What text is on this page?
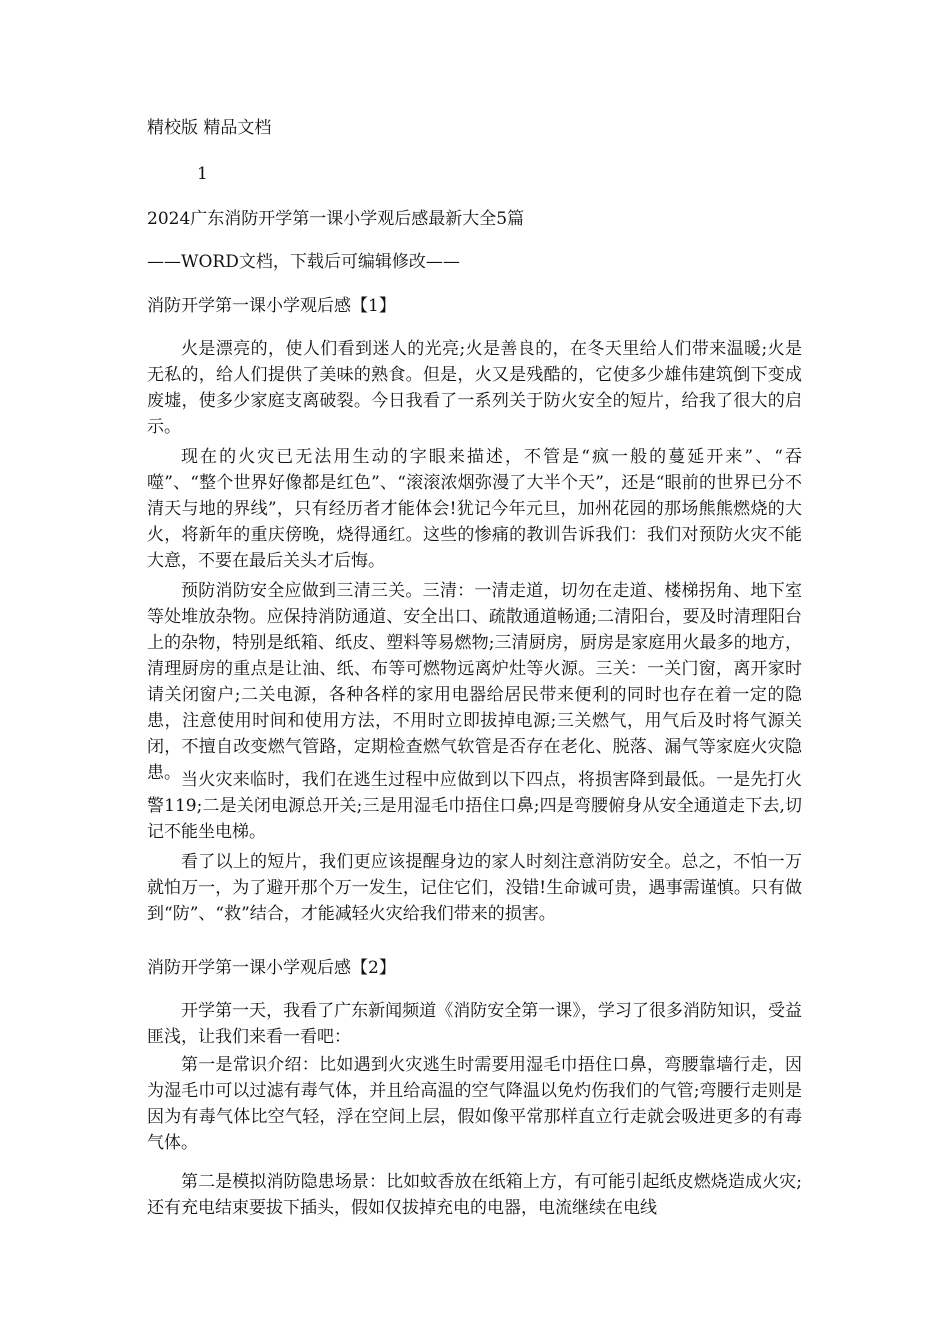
精校版 精品文档
1
2024广东消防开学第一课小学观后感最新大全5篇
——WORD文档，下载后可编辑修改——
消防开学第一课小学观后感【1】
火是漂亮的，使人们看到迷人的光亮;火是善良的，在冬天里给人们带来温暖;火是无私的，给人们提供了美味的熟食。但是，火又是残酷的，它使多少雄伟建筑倒下变成废墟，使多少家庭支离破裂。今日我看了一系列关于防火安全的短片，给我了很大的启示。
现在的火灾已无法用生动的字眼来描述，不管是“疯一般的蔓延开来”、“吞噬”、“整个世界好像都是红色”、“滚滚浓烟弥漫了大半个天”，还是“眼前的世界已分不清天与地的界线”，只有经历者才能体会!犹记今年元旦，加州花园的那场熊熊燃烧的大火，将新年的重庆傍晚，烧得通红。这些的惨痛的教训告诉我们：我们对预防火灾不能大意，不要在最后关头才后悔。
预防消防安全应做到三清三关。三清：一清走道，切勿在走道、楼梯拐角、地下室等处堆放杂物。应保持消防通道、安全出口、疏散通道畅通;二清阳台，要及时清理阳台上的杂物，特别是纸箱、纸皮、塑料等易燃物;三清厨房，厨房是家庭用火最多的地方，清理厨房的重点是让油、纸、布等可燃物远离炉灶等火源。三关：一关门窗，离开家时请关闭窗户;二关电源，各种各样的家用电器给居民带来便利的同时也存在着一定的隐患，注意使用时间和使用方法，不用时立即拔掉电源;三关燃气，用气后及时将气源关闭，不擅自改变燃气管路，定期检查燃气软管是否存在老化、脱落、漏气等家庭火灾隐患。 当火灾来临时，我们在逃生过程中应做到以下四点，将损害降到最低。一是先打火警119;二是关闭电源总开关;三是用湿毛巾捂住口鼻;四是弯腰俯身从安全通道走下去,切记不能坐电梯。
看了以上的短片，我们更应该提醒身边的家人时刻注意消防安全。总之，不怕一万就怕万一，为了避开那个万一发生，记住它们，没错!生命诚可贵，遇事需谨慎。只有做到“防”、“救”结合，才能减轻火灾给我们带来的损害。
消防开学第一课小学观后感【2】
开学第一天，我看了广东新闻频道《消防安全第一课》，学习了很多消防知识，受益匪浅，让我们来看一看吧：
第一是常识介绍：比如遇到火灾逃生时需要用湿毛巾捂住口鼻，弯腰靠墙行走，因为湿毛巾可以过滤有毒气体，并且给高温的空气降温以免灼伤我们的气管;弯腰行走则是因为有毒气体比空气轻，浮在空间上层，假如像平常那样直立行走就会吸进更多的有毒气体。
第二是模拟消防隐患场景：比如蚊香放在纸箱上方，有可能引起纸皮燃烧造成火灾;还有充电结束要拔下插头，假如仅拔掉充电的电器，电流继续在电线
